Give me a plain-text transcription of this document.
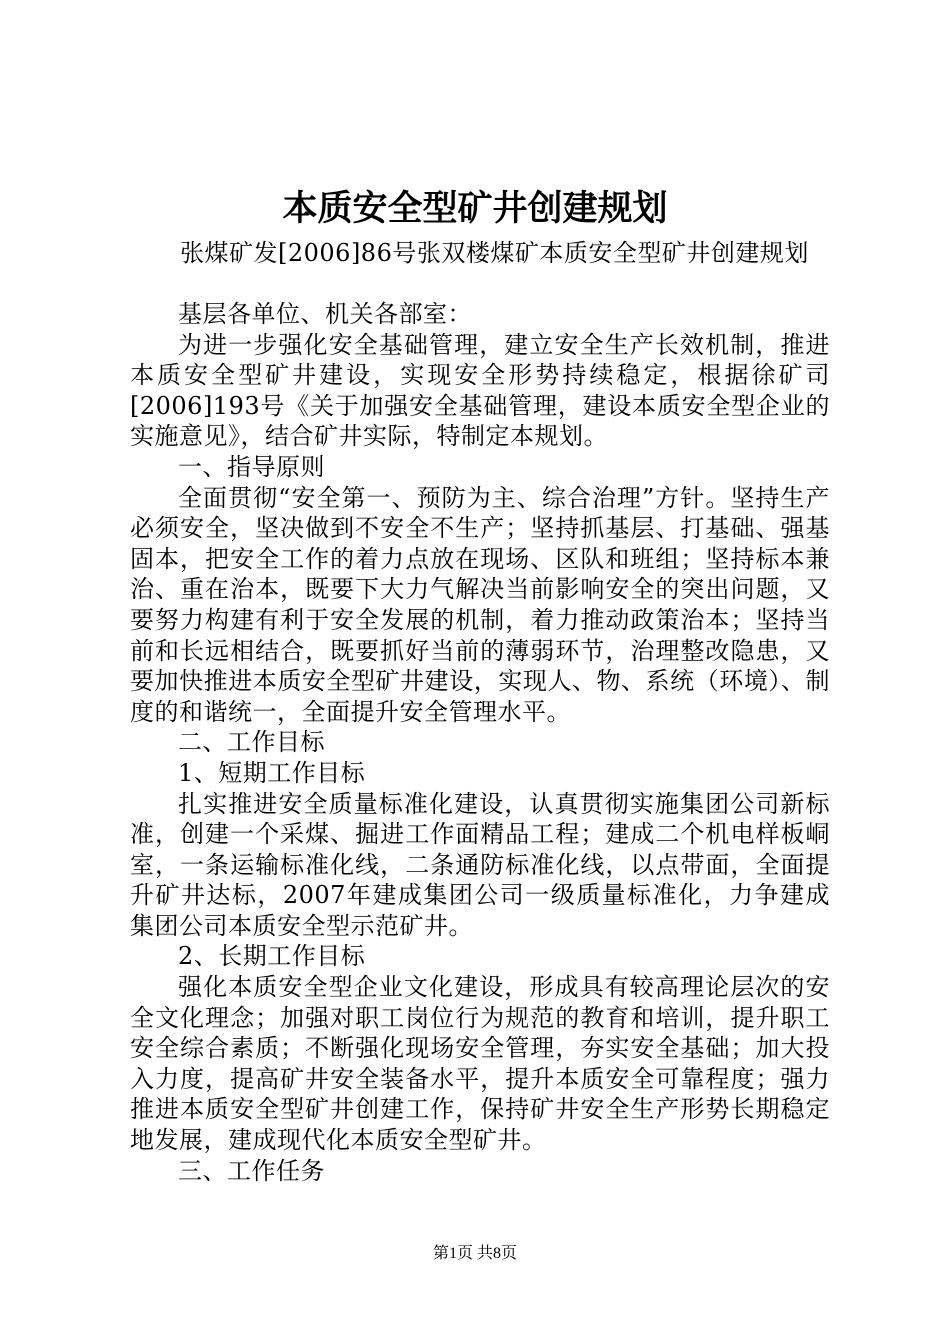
本质安全型矿井创建规划
张煤矿发[2006]86号张双楼煤矿本质安全型矿井创建规划

基层各单位、机关各部室：

为进一步强化安全基础管理，建立安全生产长效机制，推进本质安全型矿井建设，实现安全形势持续稳定，根据徐矿司[2006]193号《关于加强安全基础管理，建设本质安全型企业的实施意见》，结合矿井实际，特制定本规划。

一、指导原则

全面贯彻“安全第一、预防为主、综合治理”方针。坚持生产必须安全，坚决做到不安全不生产；坚持抓基层、打基础、强基固本，把安全工作的着力点放在现场、区队和班组；坚持标本兼治、重在治本，既要下大力气解决当前影响安全的突出问题，又要努力构建有利于安全发展的机制，着力推动政策治本；坚持当前和长远相结合，既要抓好当前的薄弱环节，治理整改隐患，又要加快推进本质安全型矿井建设，实现人、物、系统（环境）、制度的和谐统一，全面提升安全管理水平。

二、工作目标

1、短期工作目标

扎实推进安全质量标准化建设，认真贯彻实施集团公司新标准，创建一个采煤、掘进工作面精品工程；建成二个机电样板峒室，一条运输标准化线，二条通防标准化线，以点带面，全面提升矿井达标，2007年建成集团公司一级质量标准化，力争建成集团公司本质安全型示范矿井。

2、长期工作目标

强化本质安全型企业文化建设，形成具有较高理论层次的安全文化理念；加强对职工岗位行为规范的教育和培训，提升职工安全综合素质；不断强化现场安全管理，夯实安全基础；加大投入力度，提高矿井安全装备水平，提升本质安全可靠程度；强力推进本质安全型矿井创建工作，保持矿井安全生产形势长期稳定地发展，建成现代化本质安全型矿井。

三、工作任务

第1页 共8页
